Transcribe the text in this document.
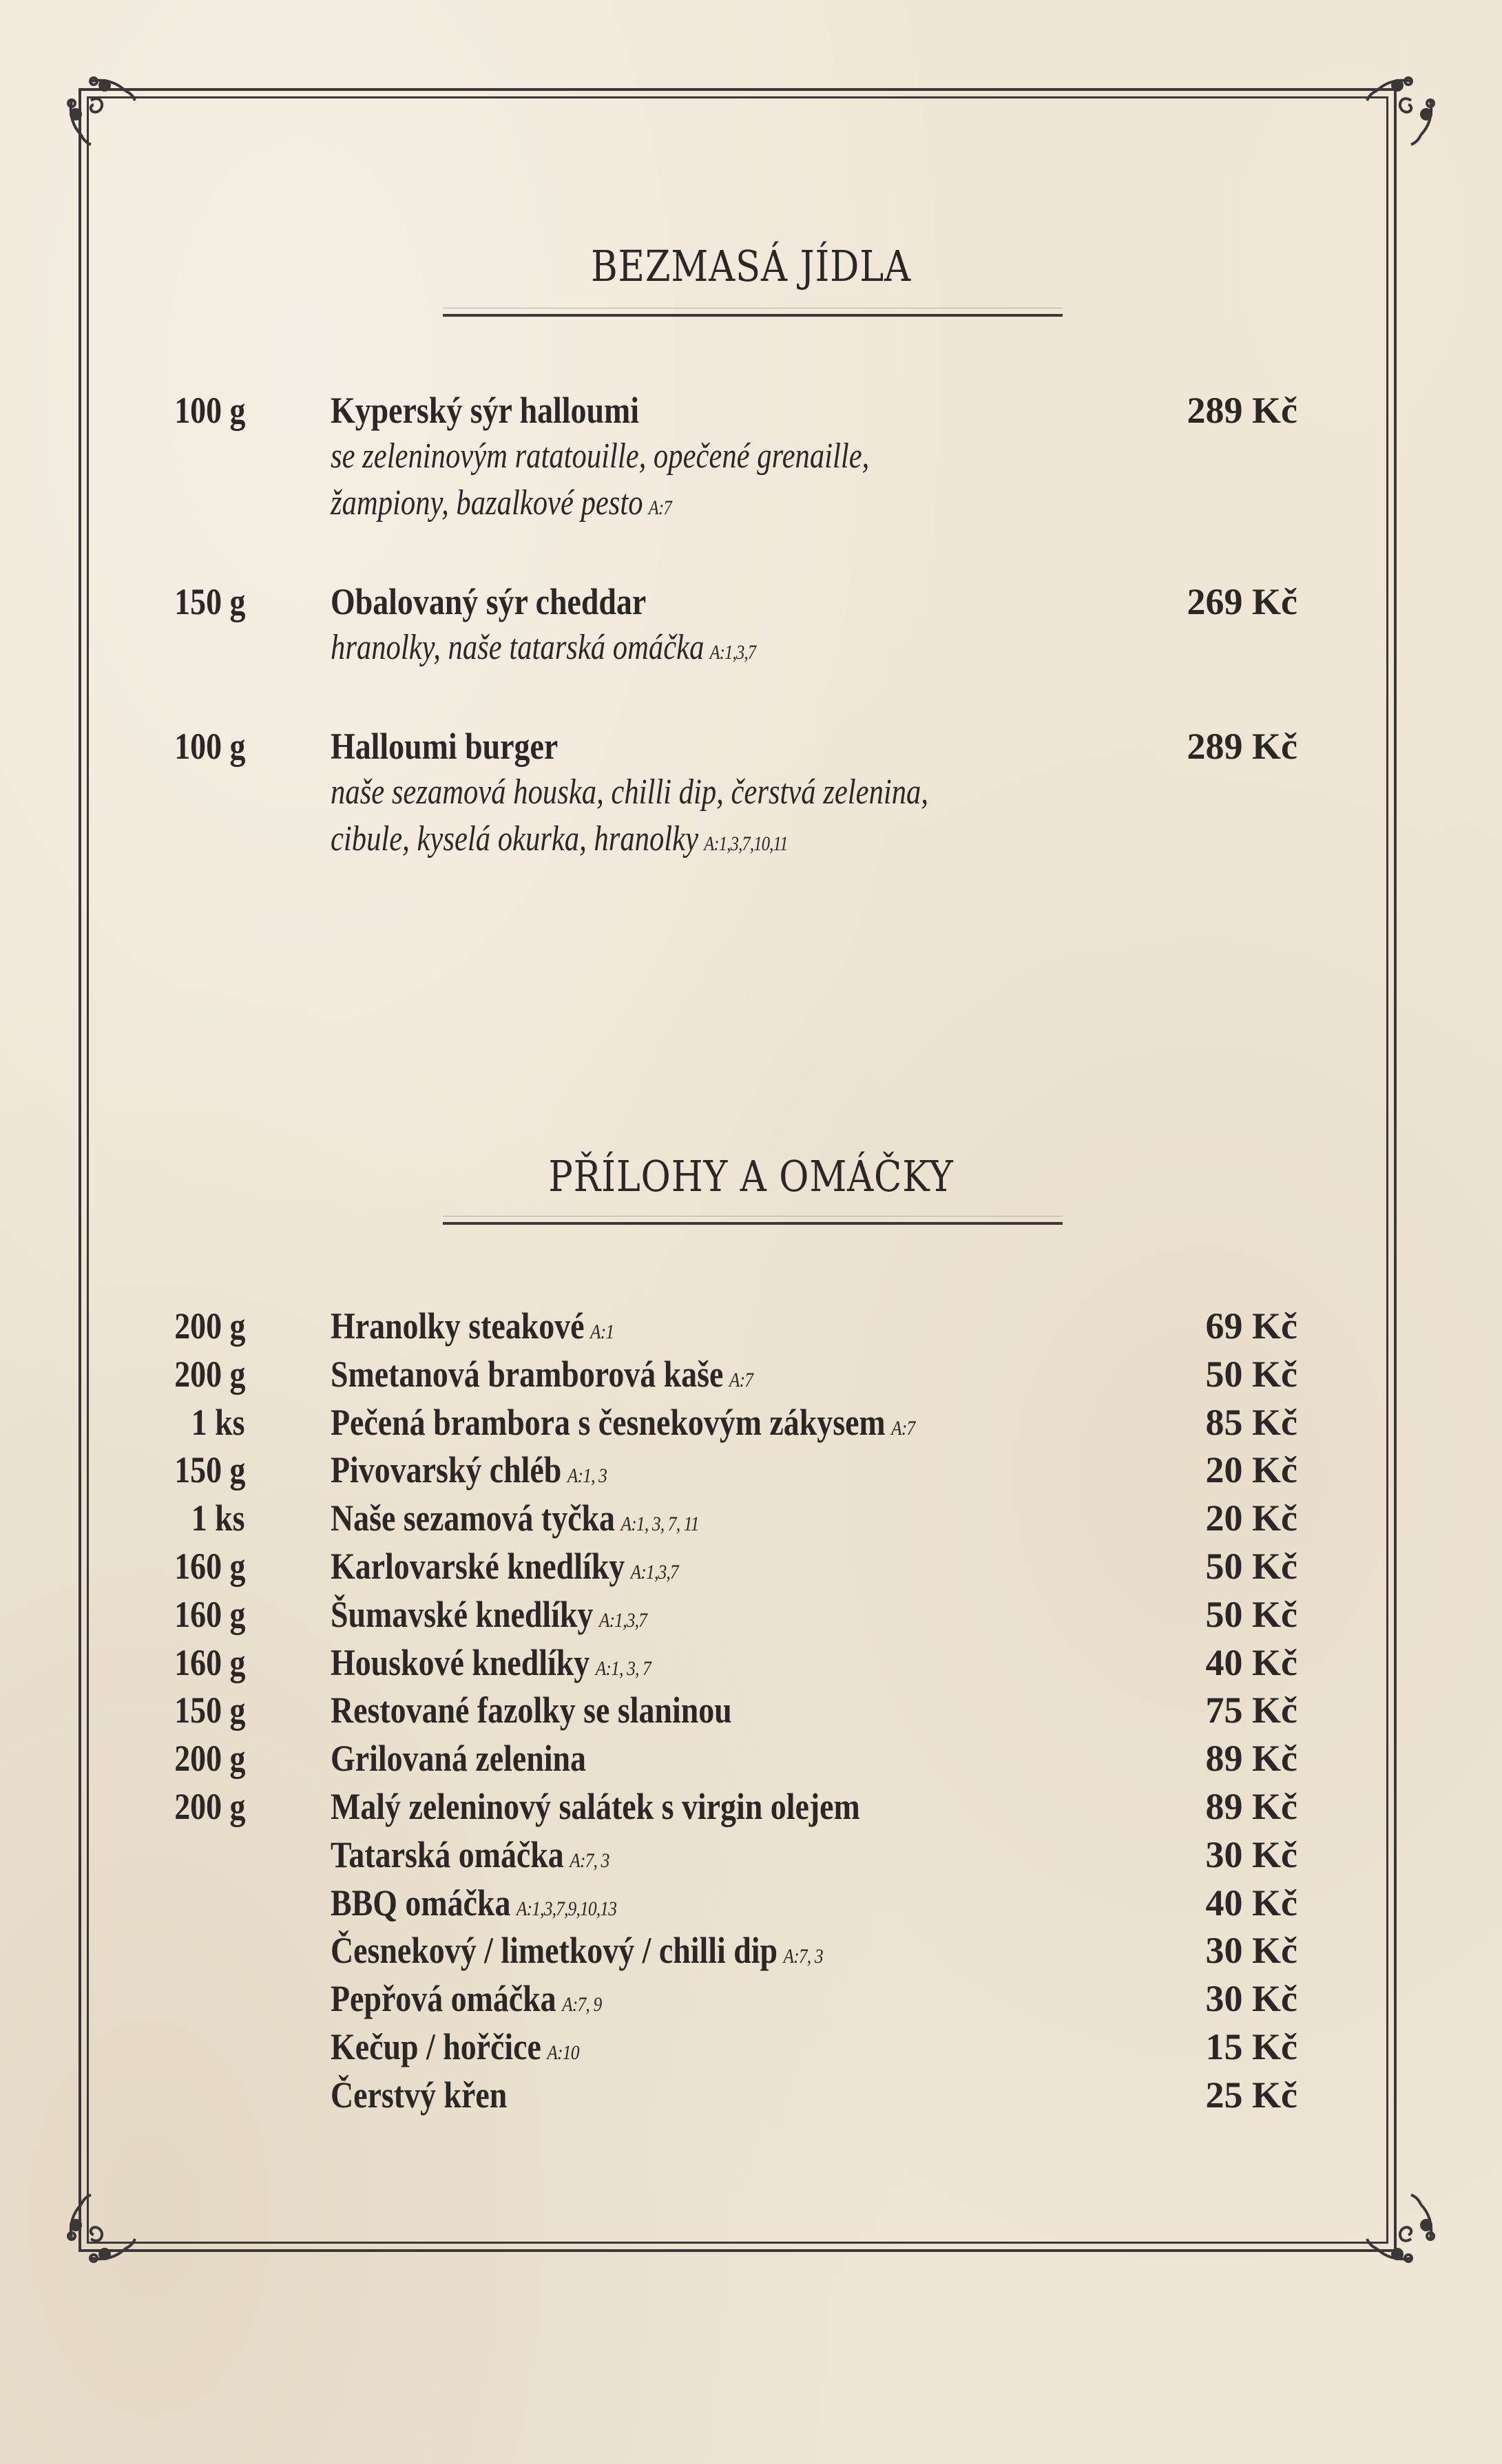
BEZMASÁ JÍDLA
100 g Kyperský sýr halloumi	289 Kč
se zeleninovým ratatouille, opečené grenaille,
žampiony, bazalkové pesto A:7
150 g Obalovaný sýr cheddar	269 Kč
hranolky, naše tatarská omáčka A:1,3,7
100 g Halloumi burger	289 Kč
naše sezamová houska, chilli dip, čerstvá zelenina,
cibule, kyselá okurka, hranolky A:1,3,7,10,11
PŘÍLOHY A OMÁČKY
200 g Hranolky steakové A:1	69 Kč
200 g Smetanová bramborová kaše A:7	50 Kč
1 ks Pečená brambora s česnekovým zákysem A:7	85 Kč
150 g Pivovarský chléb A:1, 3	20 Kč
1 ks Naše sezamová tyčka A:1, 3, 7, 11	20 Kč
160 g Karlovarské knedlíky A:1,3,7	50 Kč
160 g Šumavské knedlíky A:1,3,7	50 Kč
160 g Houskové knedlíky A:1, 3, 7	40 Kč
150 g Restované fazolky se slaninou	75 Kč
200 g Grilovaná zelenina	89 Kč
200 g Malý zeleninový salátek s virgin olejem	89 Kč
Tatarská omáčka A:7, 3	30 Kč
BBQ omáčka A:1,3,7,9,10,13	40 Kč
Česnekový / limetkový / chilli dip A:7, 3	30 Kč
Pepřová omáčka A:7, 9	30 Kč
Kečup / hořčice A:10	15 Kč
Čerstvý křen	25 Kč
